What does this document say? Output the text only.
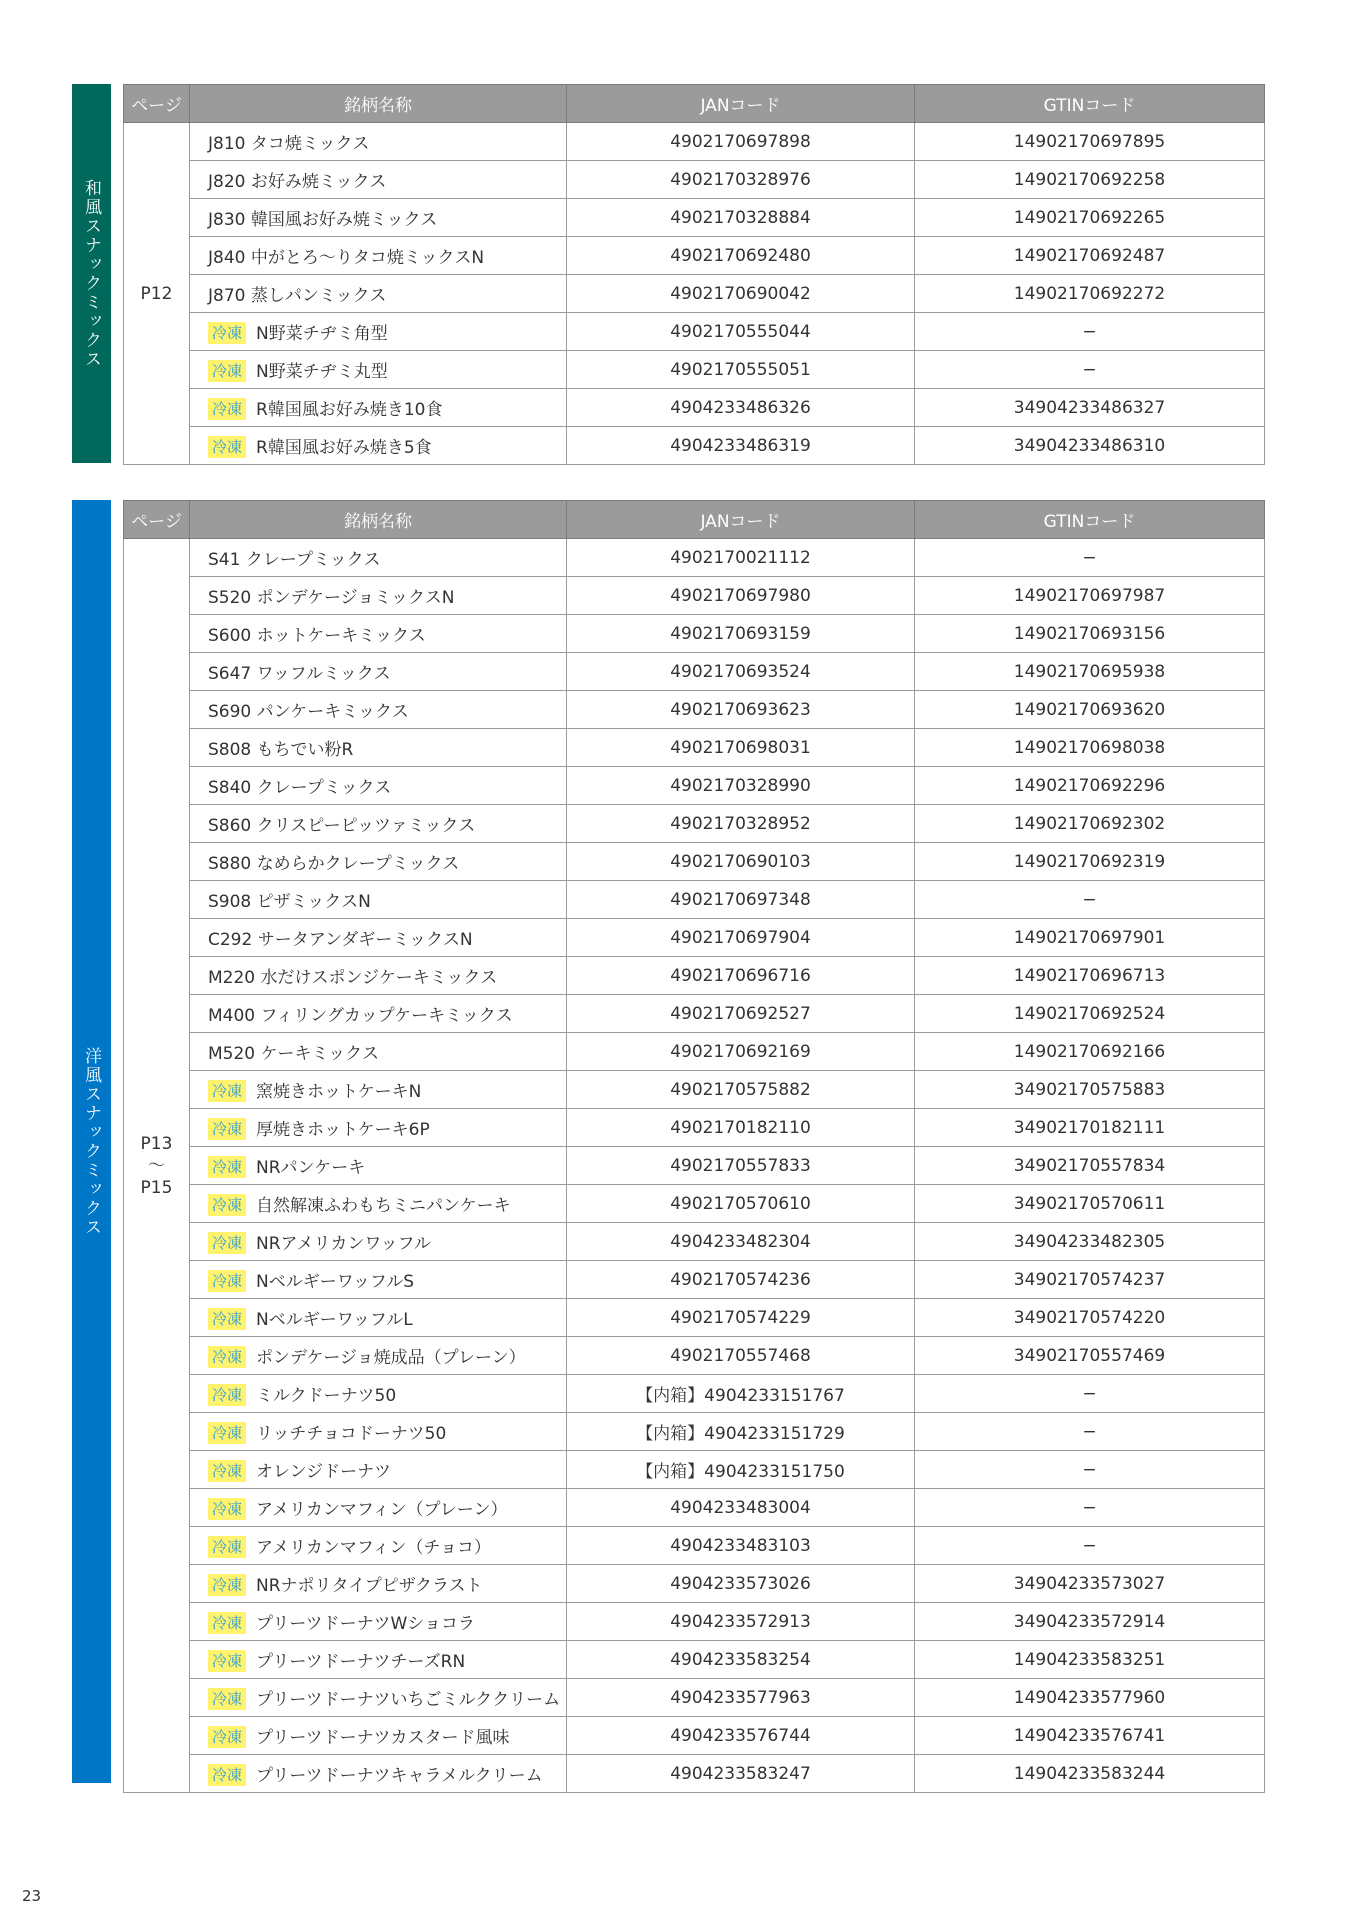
和風スナックミックス
ページ	銘柄名称	JANコード	GTINコード

P12	J810 タコ焼ミックス	4902170697898	14902170697895
	J820 お好み焼ミックス	4902170328976	14902170692258
	J830 韓国風お好み焼ミックス	4902170328884	14902170692265
	J840 中がとろ〜りタコ焼ミックスN	4902170692480	14902170692487
	J870 蒸しパンミックス	4902170690042	14902170692272
	冷凍 N野菜チヂミ角型	4902170555044	−
	冷凍 N野菜チヂミ丸型	4902170555051	−
	冷凍 R韓国風お好み焼き10食	4904233486326	34904233486327
	冷凍 R韓国風お好み焼き5食	4904233486319	34904233486310
洋風スナックミックス
ページ	銘柄名称	JANコード	GTINコード

P13
〜
P15	S41 クレープミックス	4902170021112	−
	S520 ポンデケージョミックスN	4902170697980	14902170697987
	S600 ホットケーキミックス	4902170693159	14902170693156
	S647 ワッフルミックス	4902170693524	14902170695938
	S690 パンケーキミックス	4902170693623	14902170693620
	S808 もちでい粉R	4902170698031	14902170698038
	S840 クレープミックス	4902170328990	14902170692296
	S860 クリスピーピッツァミックス	4902170328952	14902170692302
	S880 なめらかクレープミックス	4902170690103	14902170692319
	S908 ピザミックスN	4902170697348	−
	C292 サータアンダギーミックスN	4902170697904	14902170697901
	M220 水だけスポンジケーキミックス	4902170696716	14902170696713
	M400 フィリングカップケーキミックス	4902170692527	14902170692524
	M520 ケーキミックス	4902170692169	14902170692166
	冷凍 窯焼きホットケーキN	4902170575882	34902170575883
	冷凍 厚焼きホットケーキ6P	4902170182110	34902170182111
	冷凍 NRパンケーキ	4902170557833	34902170557834
	冷凍 自然解凍ふわもちミニパンケーキ	4902170570610	34902170570611
	冷凍 NRアメリカンワッフル	4904233482304	34904233482305
	冷凍 NベルギーワッフルS	4902170574236	34902170574237
	冷凍 NベルギーワッフルL	4902170574229	34902170574220
	冷凍 ポンデケージョ焼成品（プレーン）	4902170557468	34902170557469
	冷凍 ミルクドーナツ50	【内箱】4904233151767	−
	冷凍 リッチチョコドーナツ50	【内箱】4904233151729	−
	冷凍 オレンジドーナツ	【内箱】4904233151750	−
	冷凍 アメリカンマフィン（プレーン）	4904233483004	−
	冷凍 アメリカンマフィン（チョコ）	4904233483103	−
	冷凍 NRナポリタイプピザクラスト	4904233573026	34904233573027
	冷凍 プリーツドーナツWショコラ	4904233572913	34904233572914
	冷凍 プリーツドーナツチーズRN	4904233583254	14904233583251
	冷凍 プリーツドーナツいちごミルククリーム	4904233577963	14904233577960
	冷凍 プリーツドーナツカスタード風味	4904233576744	14904233576741
	冷凍 プリーツドーナツキャラメルクリーム	4904233583247	14904233583244
23
